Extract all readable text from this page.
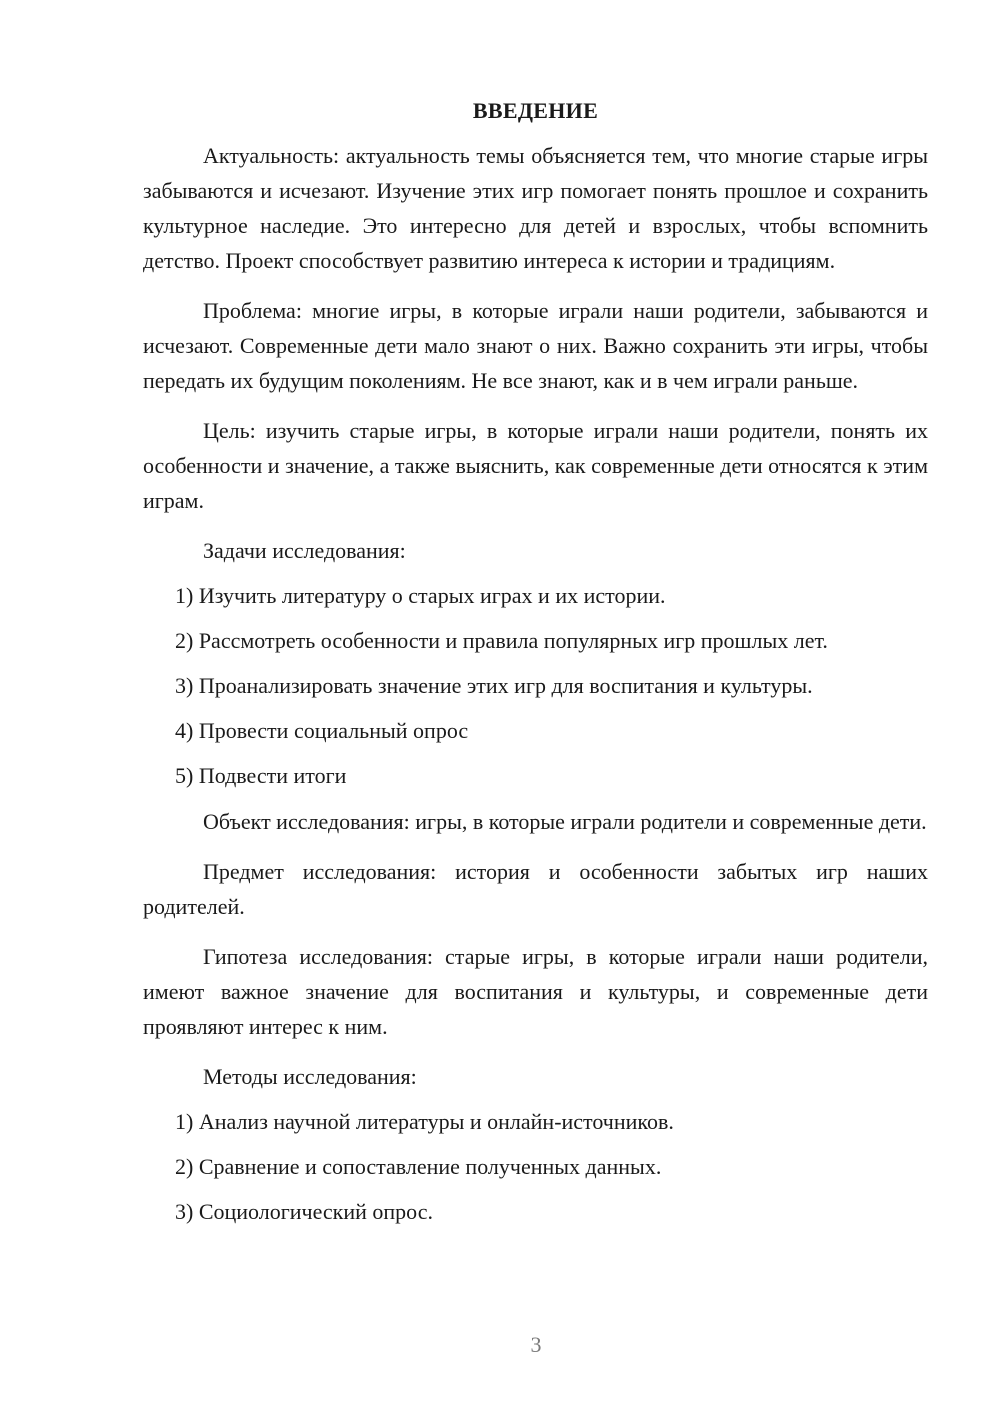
ВВЕДЕНИЕ

Актуальность: актуальность темы объясняется тем, что многие старые игры забываются и исчезают. Изучение этих игр помогает понять прошлое и сохранить культурное наследие. Это интересно для детей и взрослых, чтобы вспомнить детство. Проект способствует развитию интереса к истории и традициям.

Проблема: многие игры, в которые играли наши родители, забываются и исчезают. Современные дети мало знают о них. Важно сохранить эти игры, чтобы передать их будущим поколениям. Не все знают, как и в чем играли раньше.

Цель: изучить старые игры, в которые играли наши родители, понять их особенности и значение, а также выяснить, как современные дети относятся к этим играм.

Задачи исследования:

1) Изучить литературу о старых играх и их истории.
2) Рассмотреть особенности и правила популярных игр прошлых лет.
3) Проанализировать значение этих игр для воспитания и культуры.
4) Провести социальный опрос
5) Подвести итоги

Объект исследования: игры, в которые играли родители и современные дети.

Предмет исследования: история и особенности забытых игр наших родителей.

Гипотеза исследования: старые игры, в которые играли наши родители, имеют важное значение для воспитания и культуры, и современные дети проявляют интерес к ним.

Методы исследования:

1) Анализ научной литературы и онлайн-источников.
2) Сравнение и сопоставление полученных данных.
3) Социологический опрос.
3
